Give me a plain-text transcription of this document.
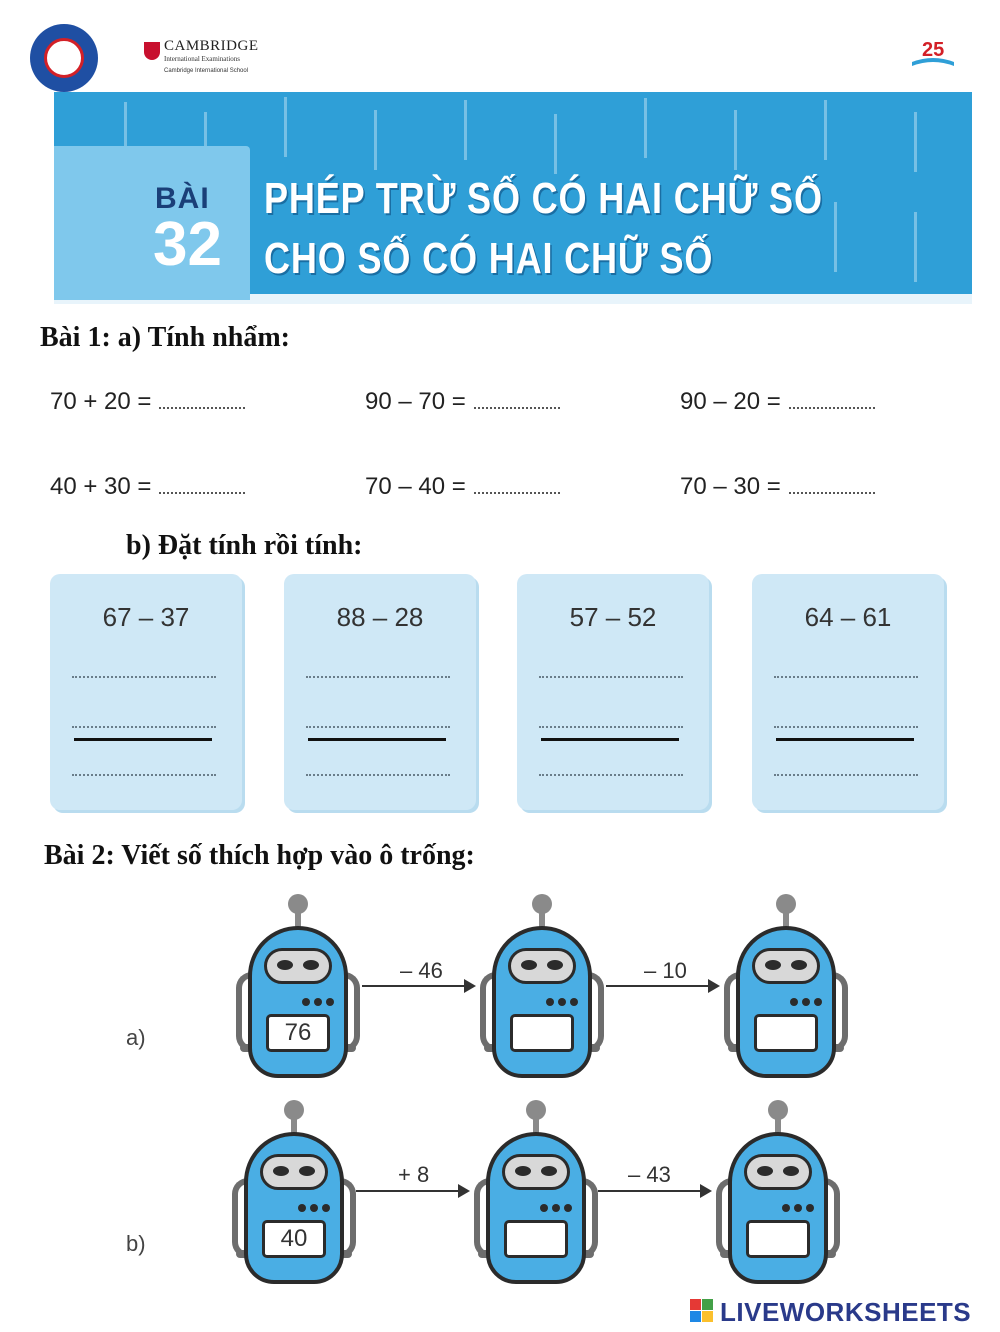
CAMBRIDGE
International Examinations
Cambridge International School
25
BÀI
32
PHÉP TRỪ SỐ CÓ HAI CHỮ SỐ
CHO SỐ CÓ HAI CHỮ SỐ
Bài 1: a) Tính nhẩm:
70 + 20 =	90 – 70 =	90 – 20 =
40 + 30 =	70 – 40 =	70 – 30 =
b) Đặt tính rồi tính:
67 – 37	88 – 28	57 – 52	64 – 61
Bài 2: Viết số thích hợp vào ô trống:
a)
b)
76
– 46	– 10
40
+ 8	– 43
LIVEWORKSHEETS
